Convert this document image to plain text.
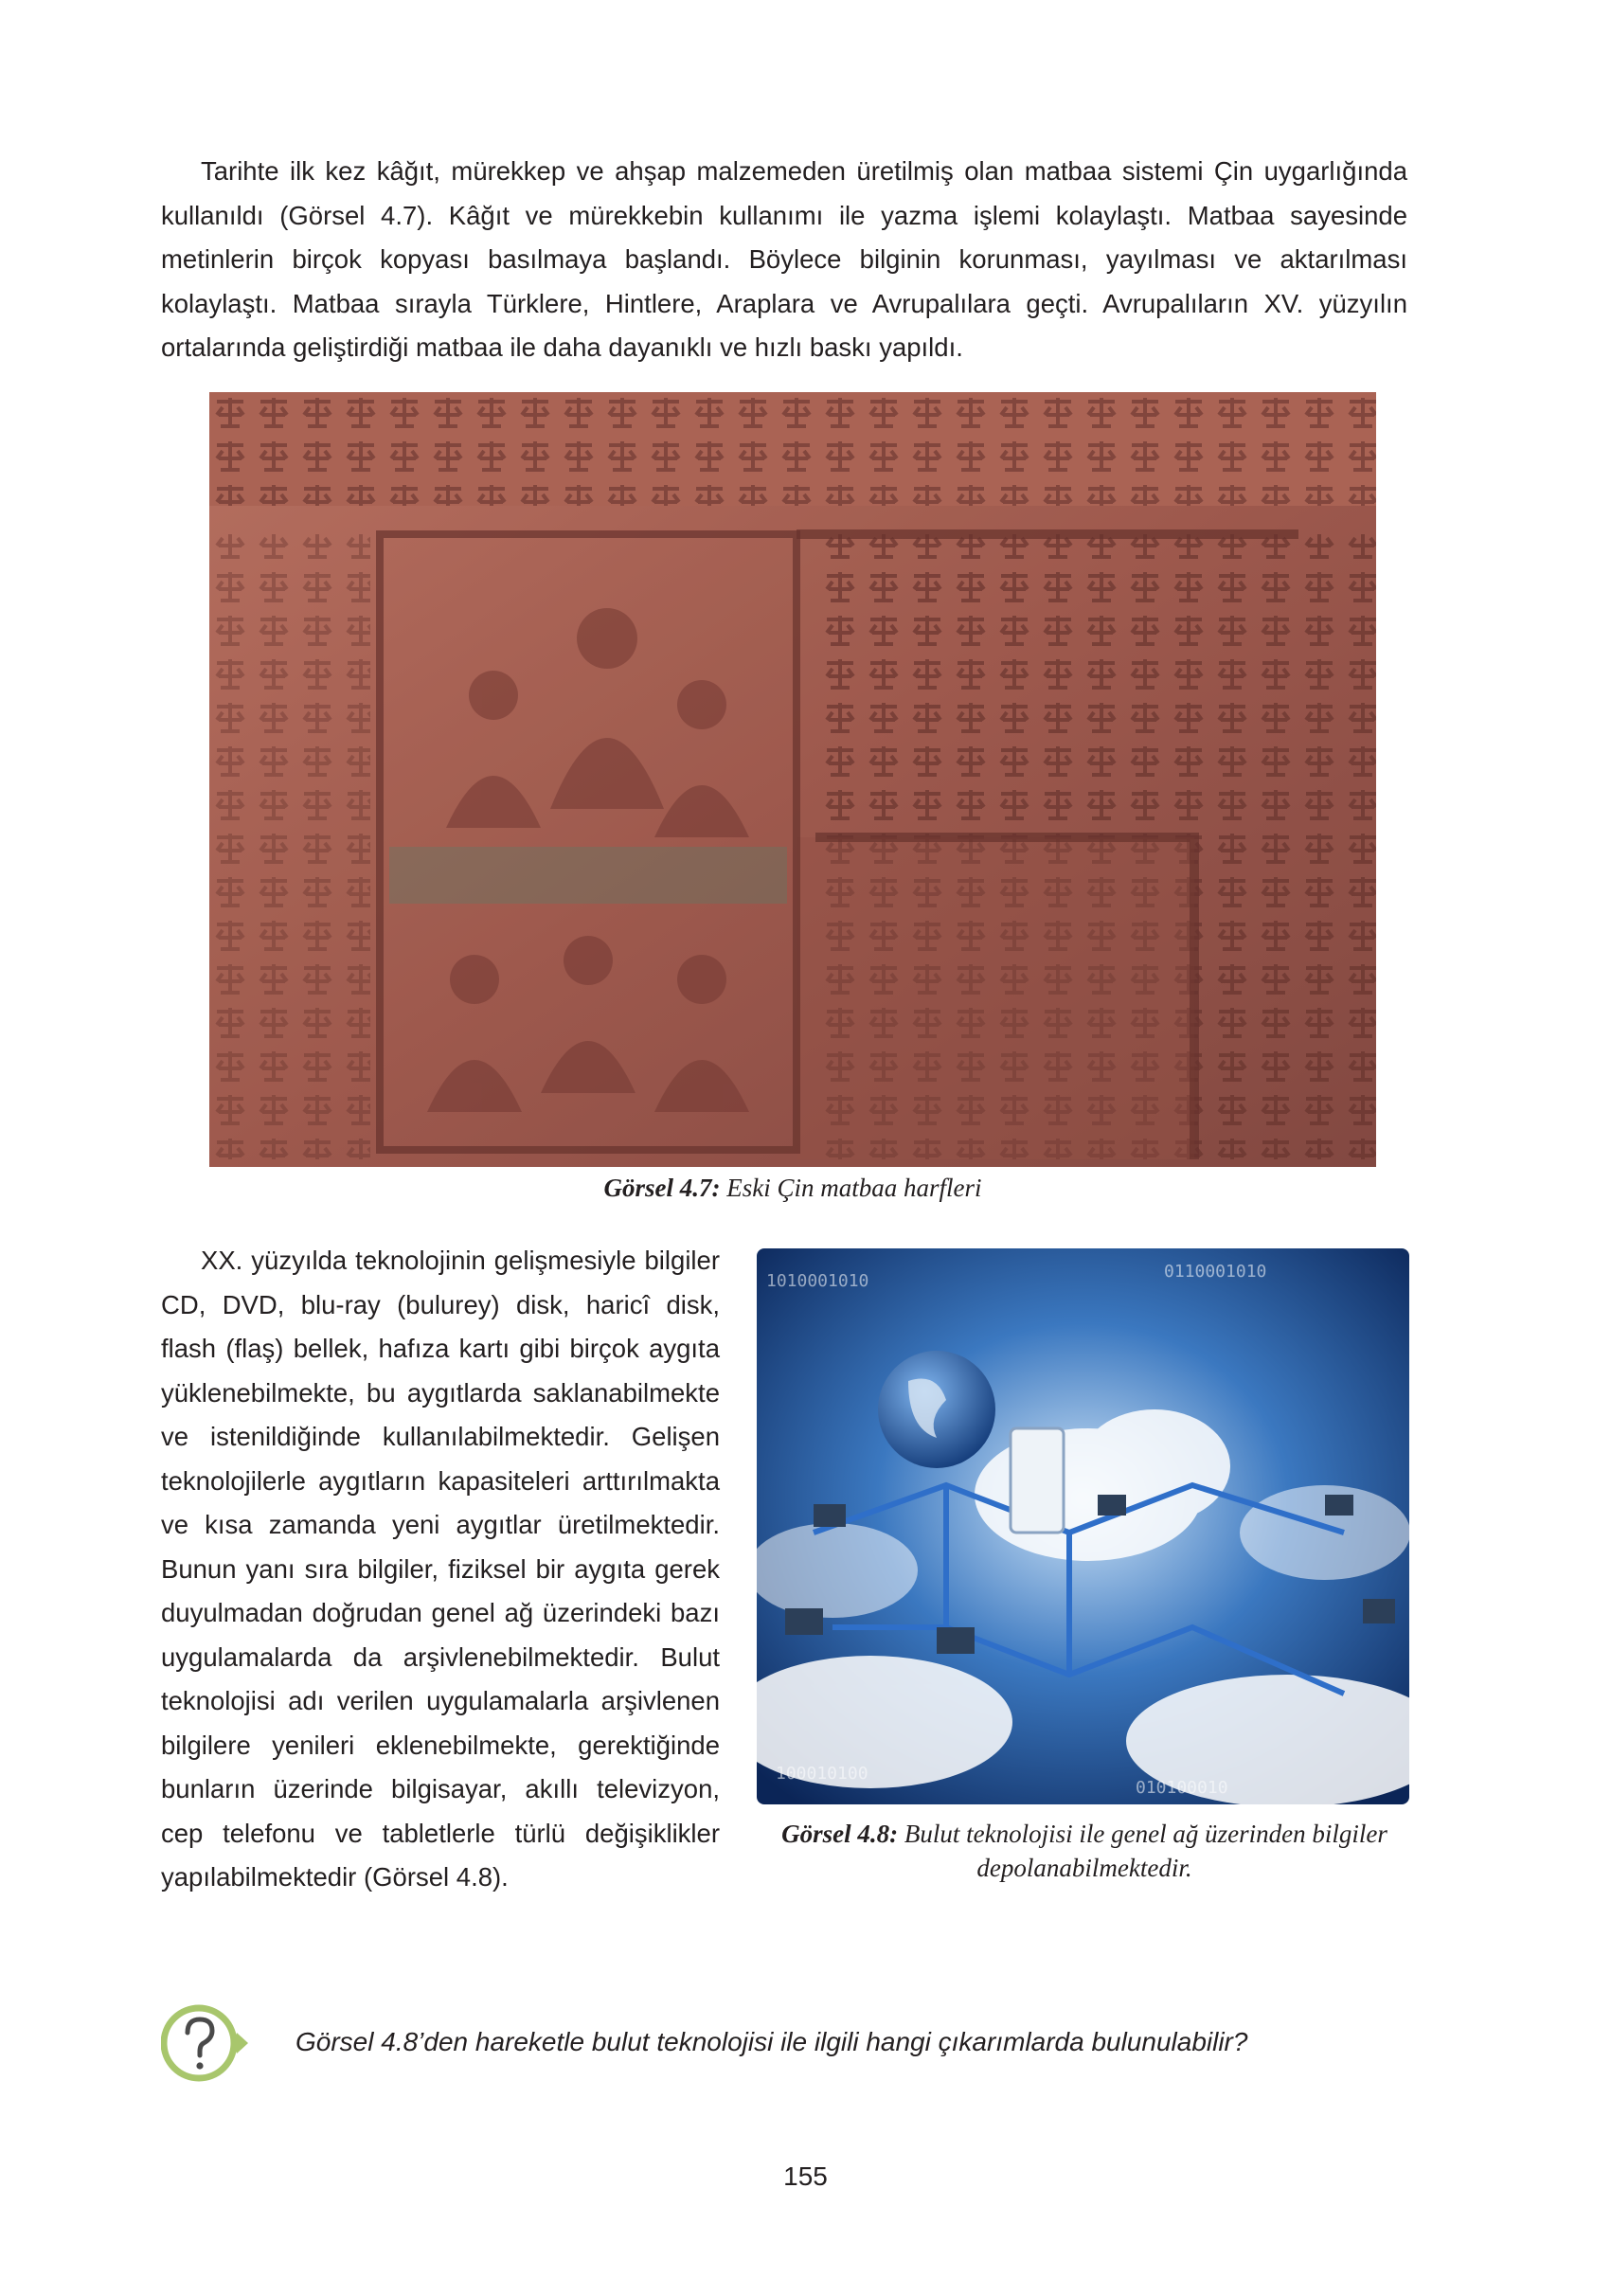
Tarihte ilk kez kâğıt, mürekkep ve ahşap malzemeden üretilmiş olan matbaa sistemi Çin uygarlığında kullanıldı (Görsel 4.7). Kâğıt ve mürekkebin kullanımı ile yazma işlemi kolaylaştı. Matbaa sayesinde metinlerin birçok kopyası basılmaya başlandı. Böylece bilginin korunması, yayılması ve aktarılması kolaylaştı. Matbaa sırayla Türklere, Hintlere, Araplara ve Avrupalılara geçti. Avrupalıların XV. yüzyılın ortalarında geliştirdiği matbaa ile daha dayanıklı ve hızlı baskı yapıldı.

Görsel 4.7: Eski Çin matbaa harfleri

XX. yüzyılda teknolojinin gelişmesiyle bilgiler CD, DVD, blu-ray (bulurey) disk, haricî disk, flash (flaş) bellek, hafıza kartı gibi birçok aygıta yüklenebilmekte, bu aygıtlarda saklanabilmekte ve istenildiğinde kullanılabilmektedir. Gelişen teknolojilerle aygıtların kapasiteleri arttırılmakta ve kısa zamanda yeni aygıtlar üretilmektedir. Bunun yanı sıra bilgiler, fiziksel bir aygıta gerek duyulmadan doğrudan genel ağ üzerindeki bazı uygulamalarda da arşivlenebilmektedir. Bulut teknolojisi adı verilen uygulamalarla arşivlenen bilgilere yenileri eklenebilmekte, gerektiğinde bunların üzerinde bilgisayar, akıllı televizyon, cep telefonu ve tabletlerle türlü değişiklikler yapılabilmektedir (Görsel 4.8).

1010001010	0110001010
100010100
010100010
Görsel 4.8: Bulut teknolojisi ile genel ağ üzerinden bilgiler depolanabilmektedir.
Görsel 4.8’den hareketle bulut teknolojisi ile ilgili hangi çıkarımlarda bulunulabilir?
155
